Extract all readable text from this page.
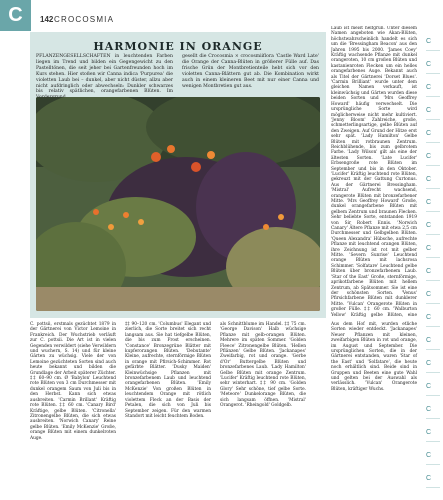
C	142 CROCOSMIA
HARMONIE IN ORANGE
PFLANZENGESELLSCHAFTEN in leuchtenden Farben liegen im Trend und bilden ein Gegengewicht zu den Pastelltönen, die seit jeher bei Gartenfreunden hoch im Kurs stehen. Hier stoßen wir Canna indica 'Purpurea' die violetten Laub bei – dunkel, aber nicht düster, allzu aber nicht aufdringlich oder abwechseln: Dunkler schwarzes bis relativ spätlichen, orangefarbenen Blüten. Im
gesellt die Crocosmia × crocosmiiflora 'Castle Ward Late' die Orange der Canna-Blüten in größerer Fülle auf. Das frische Grün der Montbretienteile hebt sich vor den violetten Canna-Blättern gut ab. Die Kombination wirkt auch in einem kleineren Beet mit nur einer Canna und wenigen Montbretien gut aus.
C. pottsii, erstmals gezüchtet 1879 in der Gärtnerei von Victor Lemoine in Frankreich. Der Wuchstrieb verläuft zur C. pottsii. Die Art ist in vielen Gegenden verwildert (siehe Verwildern und wuchern, S. 14) und für kleine Gärten zu wüchsig. Viele der von Lemoine gezüchteten Sorten sind auch heute bekannt und bilden die Grundlage der Arbeit späterer Züchter. ‡‡ 60–90 cm. Ø 'Babylon' Leuchtend rote Blüten von 3 cm Durchmesser mit dunkel orangem Saum von Juli bis in den Herbst. Kann sich etwas ausbreiten. 'Carmin Brillant' Kräftig rote Blüten. ‡‡ 60 cm. 'Canary Bird' Kräftige, gelbe Blüten. 'Citronella' Zitronengelbe Blüten, die sich etwas ausbreiten. 'Norwich Canary' Reine gelbe Blüten. 'Emily McKenzie' Große, orange Blüten mit einem dunkelroten Auge.
‡‡ 90–120 cm. 'Columbus' Elegant und zierlich, die Sorte breitet sich recht langsam aus. Sie hat tiefgelbe Blüten, die bis zum Frost erscheinen. 'Constance' Bronzegrüne Blätter mit kupferorangen Blüten. 'Debutante' Kleine, aufrechte, sternförmige Blüten in orange mit Pfirsich-Schimmer. Rot gefärbte Blätter. 'Dusky Maiden' Kleinwüchsige Pflanzen mit bronzefarbenem Laub und leuchtend orangefarbenen Blüten. 'Emily McKenzie' Von großen Blüten in leuchtendem Orange mit rötlich violettem Fleck an der Basis der Petalen, die sich von Juli bis September zeigen. Für den warmen Standort mit leicht feuchtem Boden.
als Schnittblume im Handel. ‡‡ 75 cm. 'George Davison' Halb wüchsige Pflanze mit gelb-orangen Blüten. Mehrere im späten Sommer. 'Golden Fleece' Zitronengelbe Blüten. 'Hellen Pflänzen' Gelbe Blüten. 'Jackanapes' Zweifarbig, rot und orange. 'Gerbe d'Or' Buttergelbe Blüten und bronzefarbenes Laub. 'Lady Hamilton' Gelbe Blüten mit orange Zentrum. 'Lucifer' Kräftig leuchtend rote Blüten, sehr winterhart. ‡‡ 90 cm. 'Golden Glory' Sehr schöne, tief gelbe Sorte. 'Meteore' Dunkelorange Blüten, die sich langsam öffnen. 'Mistral' Orangerot. 'Rheingold' Goldgelb.
Aus dem Hof mit, wurden etliche Sorten wieder entdeckt. 'Jackanapes' Neuer Pflanzen mit kleinen, zweifarbigen Blüten in rot und orange, im August und September. Die ursprünglichen Sorten, die in der Gärtnerei entstanden, waren 'Star of the East' und 'Solfatare', die heute noch erhältlich sind. Beide sind in Gruppen und Beeten eine gute Wahl und gelten bei der Auswahl als verlässlich. 'Vulcan' Orangerote Blüten, kräftiger Wuchs.
Laub ist meist helfgrün. Unter diesem Namen angeboten wie Akan-Blüten, höchstwahrscheinlich handelt es sich um die 'Bressingham Beacon' aus den Jahren 1995 bis 2000. 'James Coey' Kräftig wachsende Pflanze mit dunkel orangeroten, 10 cm großen Blüten und kastanienroten Flecken um ein helles orangefarbenes Auge. Bekannt auch als Titel der Gärtnerei 'Dorset Blues'. 'Carmin Brilliant' wurde unter dem gleichen Namen verkauft, ist kleinwüchsig und Gärten wurden diese beiden Sorten und 'Mrs Geoffrey Howard' häufig verwechselt. Die ursprüngliche Sorte wird möglicherweise nicht mehr kultiviert. 'Jenny Bloom' Zahlreiche, große, schmetterlingsartige, gelbe Blüten auf den Zweigen. Auf Grund der Hitze erst sehr spät. 'Lady Hamilton' Gelbe Blüten mit rotbraunen Zentrum. Reichblühende, bis zum gelbrotem Farbe. 'Lady Wilson' gilt als eine der ältesten Sorten. 'Late Lucifer' Erbsengroße rote Blüten im September und bis in den Oktober. 'Lucifer' Kräftig leuchtend rote Blüten, gekreuzt mit der Gattung Curtonus. Aus der Gärtnerei Bressingham. 'Mistral' Aufrecht wachsend, orangerote Blüten mit bronzefarbener Mitte. 'Mrs Geoffrey Howard' Große, dunkel orangefarbene Blüten mit gelbem Zentrum und braunen Flecken. Sehr beliebte Sorte, entstanden 1919 von Sir Robert Ennis. 'Norwich Canary' Ältere Pflanze mit etwa 2,5 cm Durchmesser und Gelbgelben Blüten. 'Queen Alexandra' Hübsche, aufrechte Pflanze mit leuchtend orangen Blüten, ihre Zeichnung ist rot mit gelber Mitte. 'Severn Sunrise' Leuchtend orange Blüten mit lachsrosa Schimmer. 'Solfatare' Leuchtend gelbe Blüten über bronzefarbenem Laub. 'Star of the East' Große, sternförmige, aprikotfarbene Blüten mit hellem Zentrum, ab Spätsommer. Sie ist eine der schönsten Sorten. 'Venus' Pfirsichfarbene Blüten mit dunklerer Mitte. 'Vulcan' Orangerote Blüten in großer Fülle. ‡‡ 60 cm. 'Walburton Yellow' Kräftig gelbe Blüten, eine
C
C
C
C
C
C
C
C
C
C
C
C
C
C
C
C
C
C
C
C
